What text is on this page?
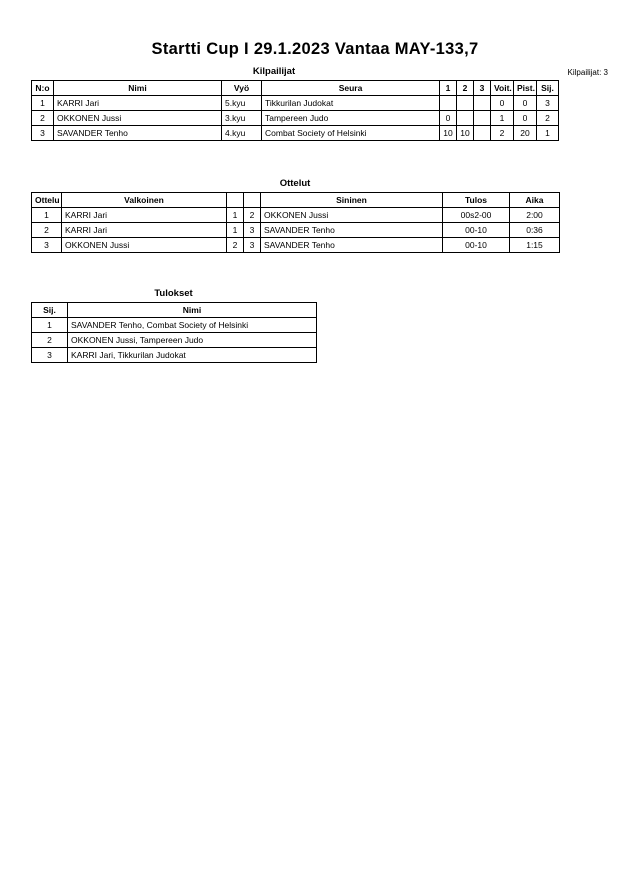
Startti Cup I 29.1.2023 Vantaa MAY-133,7
Kilpailijat: 3
Kilpailijat
N:o	Nimi	Vyö	Seura	1	2	3	Voit.	Pist.	Sij.
1	KARRI Jari	5.kyu	Tikkurilan Judokat				0	0	3
2	OKKONEN Jussi	3.kyu	Tampereen Judo	0			1	0	2
3	SAVANDER Tenho	4.kyu	Combat Society of Helsinki	10	10		2	20	1
Ottelut
Ottelu	Valkoinen			Sininen	Tulos	Aika
1	KARRI Jari	1	2	OKKONEN Jussi	00s2-00	2:00
2	KARRI Jari	1	3	SAVANDER Tenho	00-10	0:36
3	OKKONEN Jussi	2	3	SAVANDER Tenho	00-10	1:15
Tulokset
Sij.	Nimi
1	SAVANDER Tenho, Combat Society of Helsinki
2	OKKONEN Jussi, Tampereen Judo
3	KARRI Jari, Tikkurilan Judokat
